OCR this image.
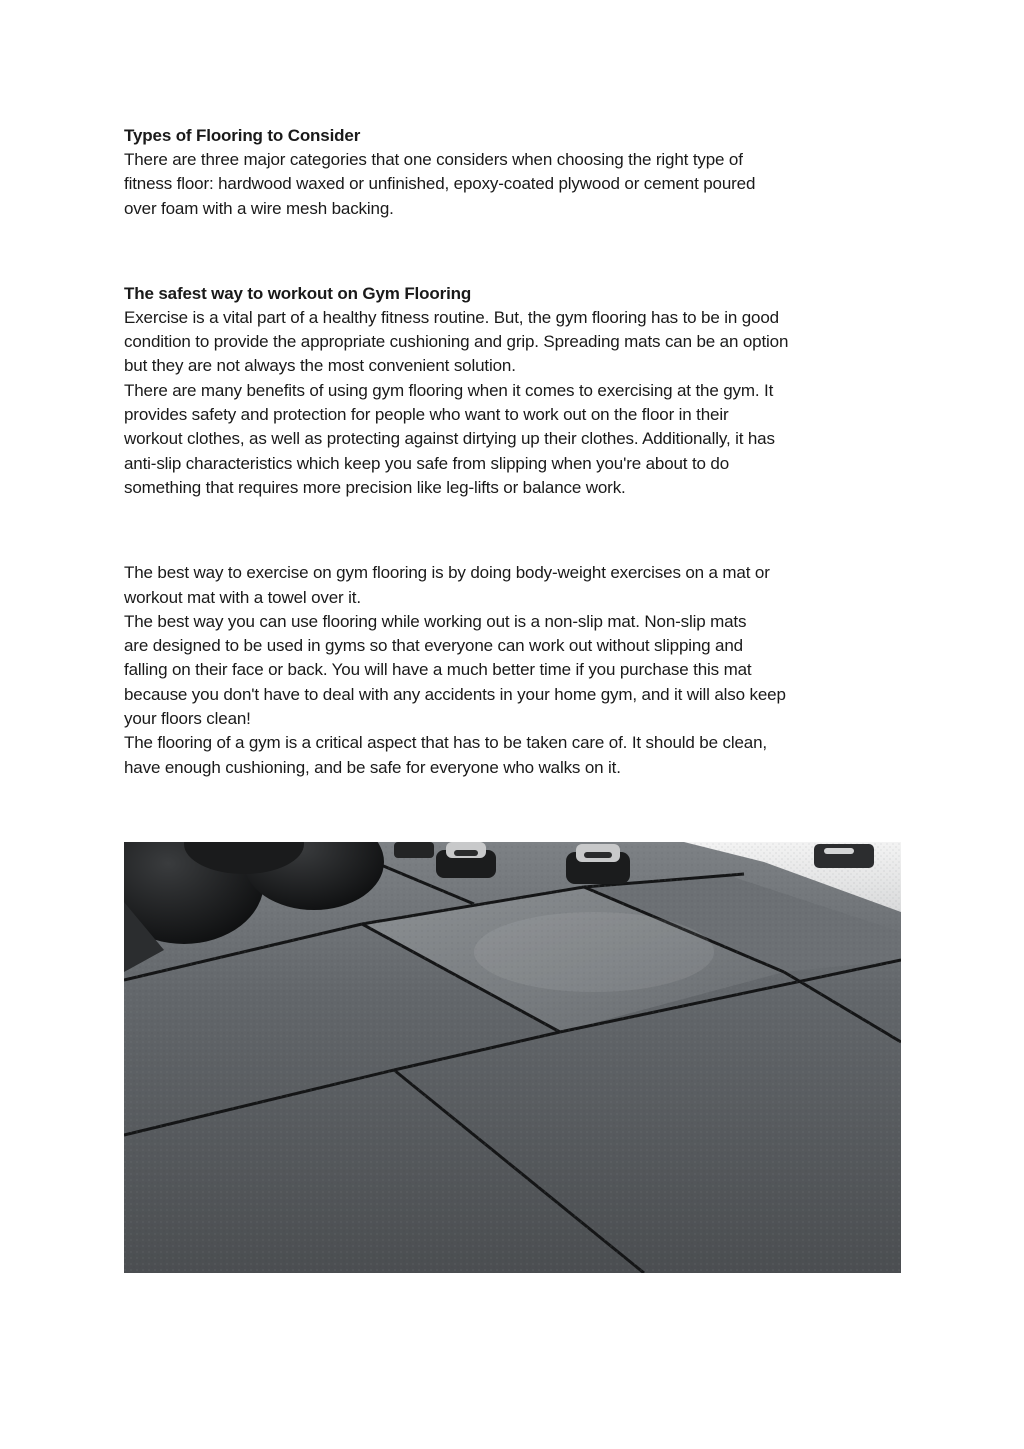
Types of Flooring to Consider

There are three major categories that one considers when choosing the right type of
fitness floor: hardwood waxed or unfinished, epoxy-coated plywood or cement poured
over foam with a wire mesh backing.

The safest way to workout on Gym Flooring

Exercise is a vital part of a healthy fitness routine. But, the gym flooring has to be in good
condition to provide the appropriate cushioning and grip. Spreading mats can be an option
but they are not always the most convenient solution.

There are many benefits of using gym flooring when it comes to exercising at the gym. It
provides safety and protection for people who want to work out on the floor in their
workout clothes, as well as protecting against dirtying up their clothes. Additionally, it has
anti-slip characteristics which keep you safe from slipping when you're about to do
something that requires more precision like leg-lifts or balance work.

The best way to exercise on gym flooring is by doing body-weight exercises on a mat or
workout mat with a towel over it.

The best way you can use flooring while working out is a non-slip mat. Non-slip mats
are designed to be used in gyms so that everyone can work out without slipping and
falling on their face or back. You will have a much better time if you purchase this mat
because you don't have to deal with any accidents in your home gym, and it will also keep
your floors clean!

The flooring of a gym is a critical aspect that has to be taken care of. It should be clean,
have enough cushioning, and be safe for everyone who walks on it.
